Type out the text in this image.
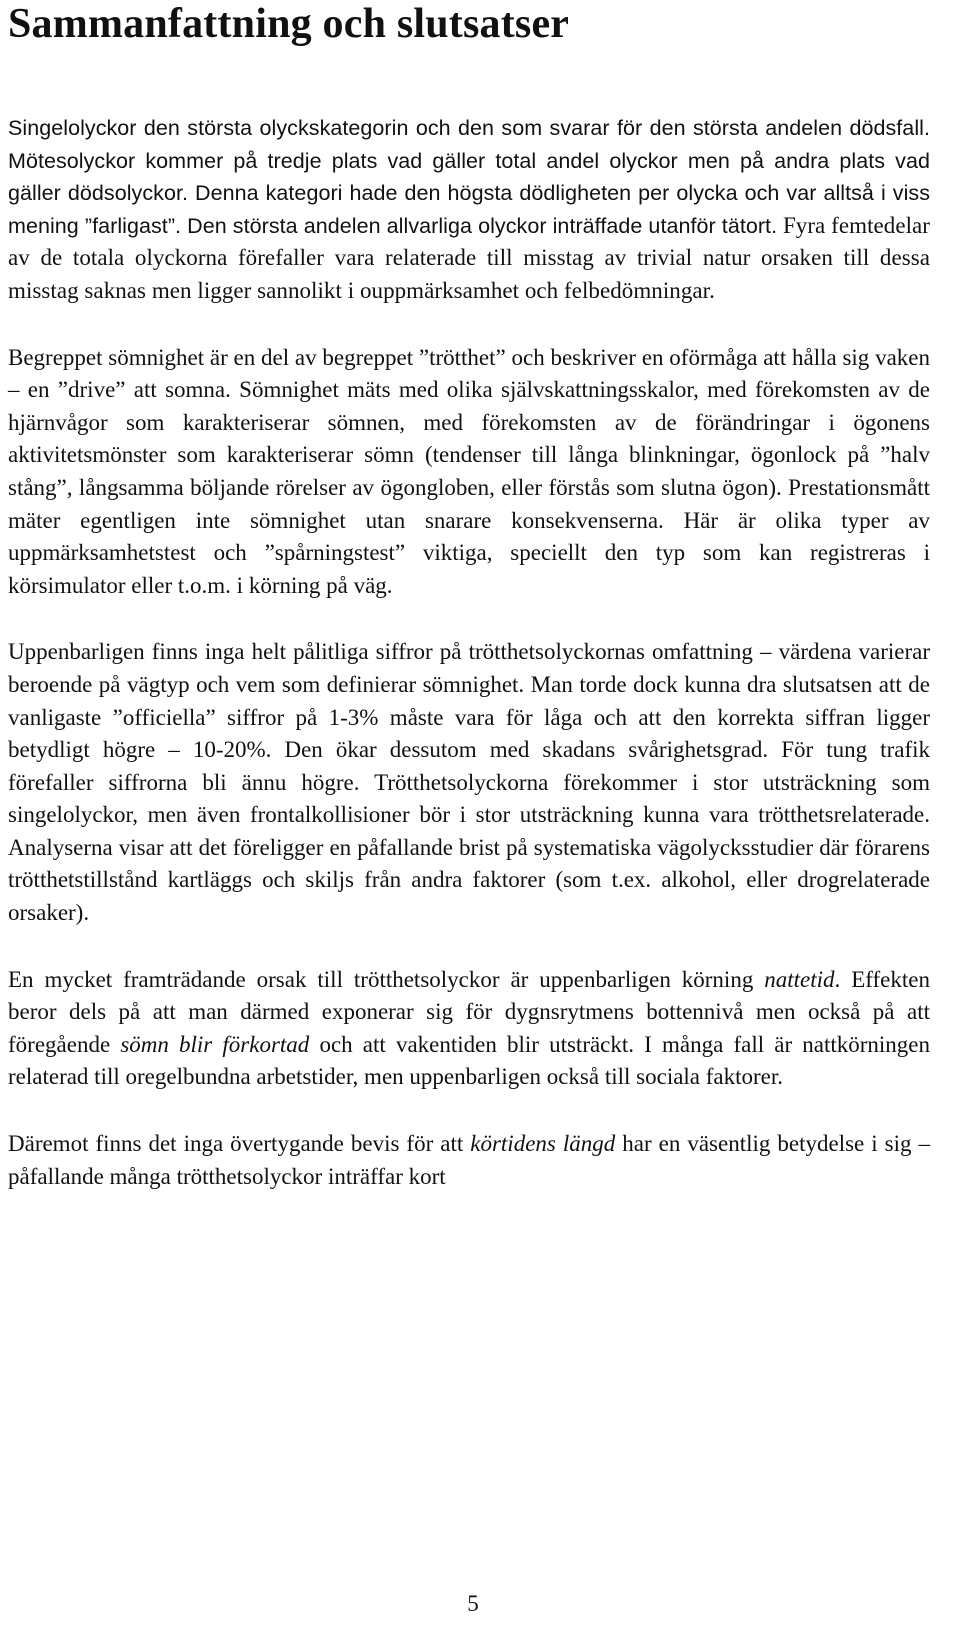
Sammanfattning och slutsatser

Singelolyckor den största olyckskategorin och den som svarar för den största andelen dödsfall. Mötesolyckor kommer på tredje plats vad gäller total andel olyckor men på andra plats vad gäller dödsolyckor. Denna kategori hade den högsta dödligheten per olycka och var alltså i viss mening ”farligast”. Den största andelen allvarliga olyckor inträffade utanför tätort. Fyra femtedelar av de totala olyckorna förefaller vara relaterade till misstag av trivial natur orsaken till dessa misstag saknas men ligger sannolikt i ouppmärksamhet och felbedömningar.

Begreppet sömnighet är en del av begreppet ”trötthet” och beskriver en oförmåga att hålla sig vaken – en ”drive” att somna. Sömnighet mäts med olika självskattningsskalor, med förekomsten av de hjärnvågor som karakteriserar sömnen, med förekomsten av de förändringar i ögonens aktivitetsmönster som karakteriserar sömn (tendenser till långa blinkningar, ögonlock på ”halv stång”, långsamma böljande rörelser av ögongloben, eller förstås som slutna ögon). Prestationsmått mäter egentligen inte sömnighet utan snarare konsekvenserna. Här är olika typer av uppmärksamhetstest och ”spårningstest” viktiga, speciellt den typ som kan registreras i körsimulator eller t.o.m. i körning på väg.

Uppenbarligen finns inga helt pålitliga siffror på trötthetsolyckornas omfattning – värdena varierar beroende på vägtyp och vem som definierar sömnighet. Man torde dock kunna dra slutsatsen att de vanligaste ”officiella” siffror på 1-3% måste vara för låga och att den korrekta siffran ligger betydligt högre – 10-20%. Den ökar dessutom med skadans svårighetsgrad. För tung trafik förefaller siffrorna bli ännu högre. Trötthetsolyckorna förekommer i stor utsträckning som singelolyckor, men även frontalkollisioner bör i stor utsträckning kunna vara trötthetsrelaterade. Analyserna visar att det föreligger en påfallande brist på systematiska vägolycksstudier där förarens trötthetstillstånd kartläggs och skiljs från andra faktorer (som t.ex. alkohol, eller drogrelaterade orsaker).

En mycket framträdande orsak till trötthetsolyckor är uppenbarligen körning nattetid. Effekten beror dels på att man därmed exponerar sig för dygnsrytmens bottennivå men också på att föregående sömn blir förkortad och att vakentiden blir utsträckt. I många fall är nattkörningen relaterad till oregelbundna arbetstider, men uppenbarligen också till sociala faktorer.

Däremot finns det inga övertygande bevis för att körtidens längd har en väsentlig betydelse i sig – påfallande många trötthetsolyckor inträffar kort

5
